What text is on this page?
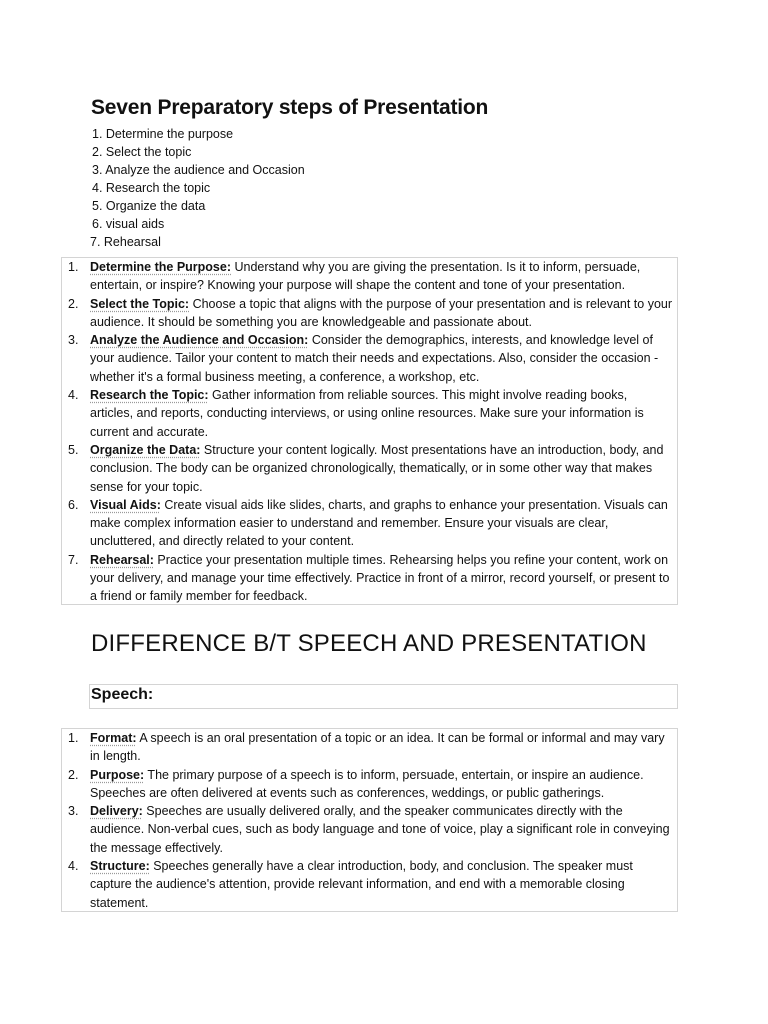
Seven Preparatory steps of Presentation
1. Determine the purpose
2. Select the topic
3. Analyze the audience and Occasion
4. Research the topic
5. Organize the data
6. visual aids
7. Rehearsal
1. Determine the Purpose: Understand why you are giving the presentation. Is it to inform, persuade, entertain, or inspire? Knowing your purpose will shape the content and tone of your presentation.
2. Select the Topic: Choose a topic that aligns with the purpose of your presentation and is relevant to your audience. It should be something you are knowledgeable and passionate about.
3. Analyze the Audience and Occasion: Consider the demographics, interests, and knowledge level of your audience. Tailor your content to match their needs and expectations. Also, consider the occasion - whether it's a formal business meeting, a conference, a workshop, etc.
4. Research the Topic: Gather information from reliable sources. This might involve reading books, articles, and reports, conducting interviews, or using online resources. Make sure your information is current and accurate.
5. Organize the Data: Structure your content logically. Most presentations have an introduction, body, and conclusion. The body can be organized chronologically, thematically, or in some other way that makes sense for your topic.
6. Visual Aids: Create visual aids like slides, charts, and graphs to enhance your presentation. Visuals can make complex information easier to understand and remember. Ensure your visuals are clear, uncluttered, and directly related to your content.
7. Rehearsal: Practice your presentation multiple times. Rehearsing helps you refine your content, work on your delivery, and manage your time effectively. Practice in front of a mirror, record yourself, or present to a friend or family member for feedback.
DIFFERENCE B/T SPEECH AND PRESENTATION
Speech:
1. Format: A speech is an oral presentation of a topic or an idea. It can be formal or informal and may vary in length.
2. Purpose: The primary purpose of a speech is to inform, persuade, entertain, or inspire an audience. Speeches are often delivered at events such as conferences, weddings, or public gatherings.
3. Delivery: Speeches are usually delivered orally, and the speaker communicates directly with the audience. Non-verbal cues, such as body language and tone of voice, play a significant role in conveying the message effectively.
4. Structure: Speeches generally have a clear introduction, body, and conclusion. The speaker must capture the audience's attention, provide relevant information, and end with a memorable closing statement.
